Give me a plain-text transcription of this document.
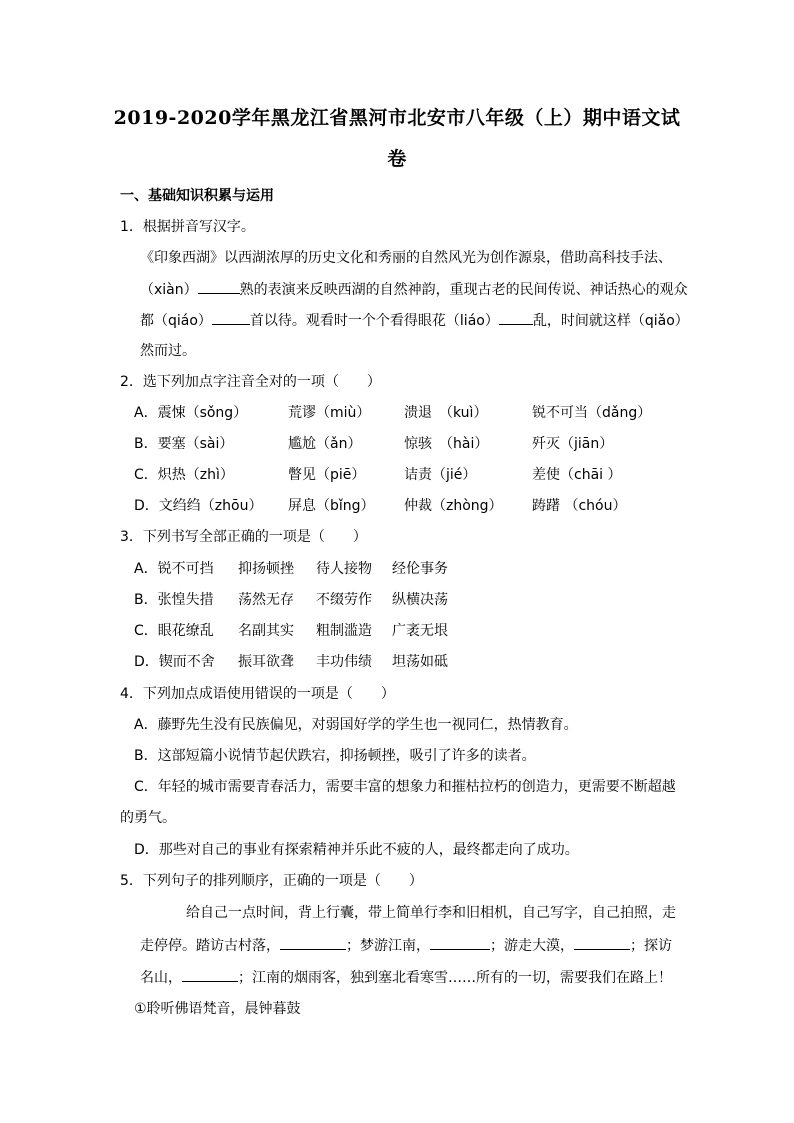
2019-2020学年黑龙江省黑河市北安市八年级（上）期中语文试
卷
一、基础知识积累与运用
1．根据拼音写汉字。
《印象西湖》以西湖浓厚的历史文化和秀丽的自然风光为创作源泉，借助高科技手法、
（xiàn）	熟的表演来反映西湖的自然神韵，重现古老的民间传说、神话热心的观众
都（qiáo）	首以待。观看时一个个看得眼花（liáo） 乱，时间就这样（qiǎo）
然而过。
2．选下列加点字注音全对的一项（　　）
A．震悚（sǒng）	荒谬（miù） 溃退　（kuì）	锐不可当（dǎng）
B．要塞（sài）	尴尬（ǎn）	惊骇　（hài）	歼灭（jiān）
C．炽热（zhì）	瞥见（piē）	诘责（jié）	差使（chāi ）
D．文绉绉（zhōu） 屏息（bǐng） 仲裁（zhòng） 踌躇 （chóu）
3．下列书写全部正确的一项是（　　）
A．锐不可挡 抑扬顿挫 待人接物 经伦事务
B．张惶失措 荡然无存 不缀劳作 纵横决荡
C．眼花缭乱 名副其实 粗制滥造 广袤无垠
D．锲而不舍 振耳欲聋 丰功伟绩 坦荡如砥
4．下列加点成语使用错误的一项是（　　）
A．藤野先生没有民族偏见，对弱国好学的学生也一视同仁，热情教育。
B．这部短篇小说情节起伏跌宕，抑扬顿挫，吸引了许多的读者。
C．年轻的城市需要青春活力，需要丰富的想象力和摧枯拉朽的创造力，更需要不断超越
的勇气。
D．那些对自己的事业有探索精神并乐此不疲的人，最终都走向了成功。
5．下列句子的排列顺序，正确的一项是（　　）
给自己一点时间，背上行囊，带上简单行李和旧相机，自己写字，自己拍照，走
走停停。踏访古村落，	；梦游江南，	；游走大漠，	；探访
名山，	；江南的烟雨客，独到塞北看寒雪……所有的一切，需要我们在路上！
①聆听佛语梵音，晨钟暮鼓
